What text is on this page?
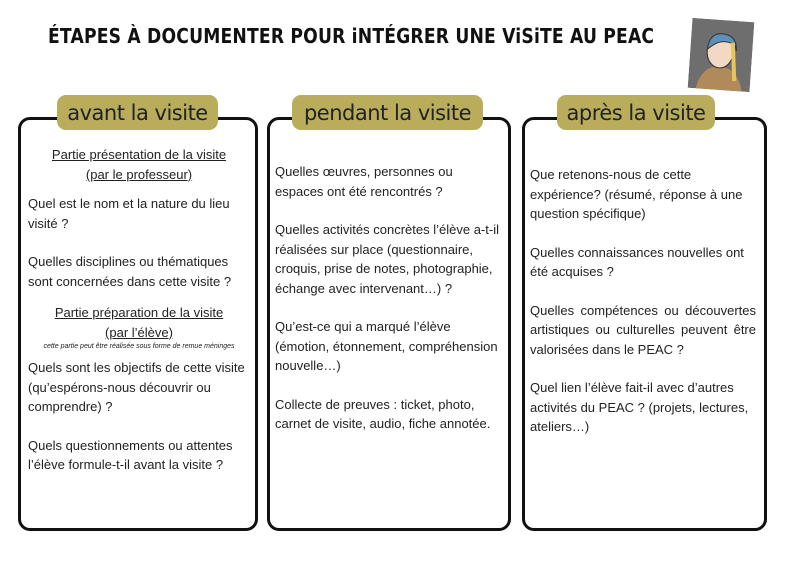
ÉTAPES À DOCUMENTER POUR iNTÉGRER UNE ViSiTE AU PEAC
avant la visite

Partie présentation de la visite

(par le professeur)

Quel est le nom et la nature du lieu visité ?

Quelles disciplines ou thématiques sont concernées dans cette visite ?

Partie préparation de la visite

(par l’élève)

cette partie peut être réalisée sous forme de remue méninges

Quels sont les objectifs de cette visite (qu’espérons-nous découvrir ou comprendre) ?

Quels questionnements ou attentes l’élève formule-t-il avant la visite ?

pendant la visite

Quelles œuvres, personnes ou espaces ont été rencontrés ?

Quelles activités concrètes l’élève a-t-il réalisées sur place (questionnaire, croquis, prise de notes, photographie, échange avec intervenant…) ?

Qu’est-ce qui a marqué l’élève (émotion, étonnement, compréhension nouvelle…)

Collecte de preuves : ticket, photo, carnet de visite, audio, fiche annotée.

après la visite

Que retenons-nous de cette expérience? (résumé, réponse à une question spécifique)

Quelles connaissances nouvelles ont été acquises ?

Quelles compétences ou découvertes artistiques ou culturelles peuvent être valorisées dans le PEAC ?

Quel lien l’élève fait-il avec d’autres activités du PEAC ? (projets, lectures, ateliers…)
